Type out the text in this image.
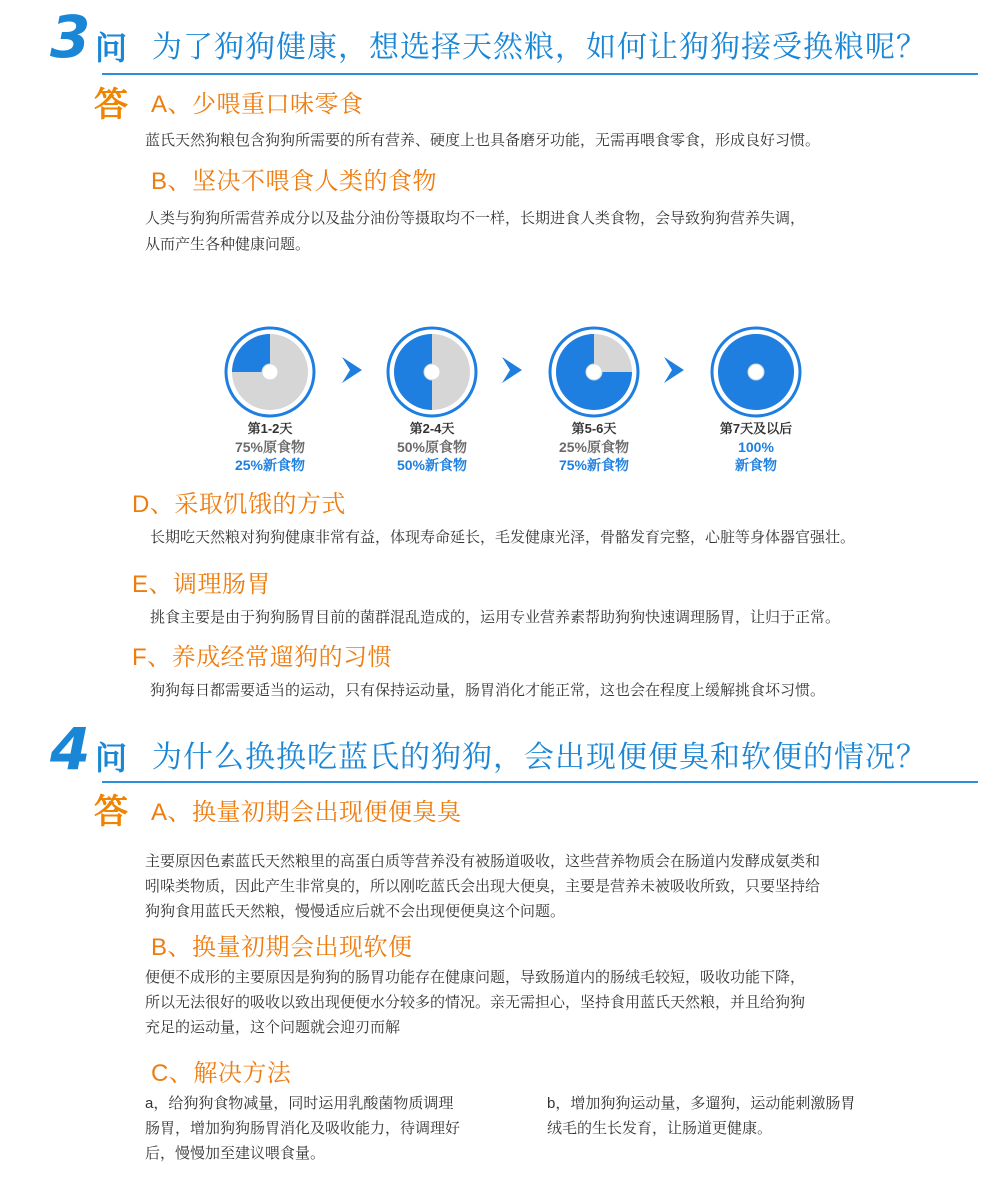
3 问 为了狗狗健康，想选择天然粮，如何让狗狗接受换粮呢？
答 A、少喂重口味零食
蓝氏天然狗粮包含狗狗所需要的所有营养、硬度上也具备磨牙功能，无需再喂食零食，形成良好习惯。
B、坚决不喂食人类的食物
人类与狗狗所需营养成分以及盐分油份等摄取均不一样，长期进食人类食物，会导致狗狗营养失调，
从而产生各种健康问题。
第1-2天
75%原食物
25%新食物
第2-4天
50%原食物
50%新食物
第5-6天
25%原食物
75%新食物
第7天及以后
100%
新食物
D、采取饥饿的方式
长期吃天然粮对狗狗健康非常有益，体现寿命延长，毛发健康光泽，骨骼发育完整，心脏等身体器官强壮。
E、调理肠胃
挑食主要是由于狗狗肠胃目前的菌群混乱造成的，运用专业营养素帮助狗狗快速调理肠胃，让归于正常。
F、养成经常遛狗的习惯
狗狗每日都需要适当的运动，只有保持运动量，肠胃消化才能正常，这也会在程度上缓解挑食坏习惯。
4 问 为什么换换吃蓝氏的狗狗，会出现便便臭和软便的情况？
答 A、换量初期会出现便便臭臭
主要原因色素蓝氏天然粮里的高蛋白质等营养没有被肠道吸收，这些营养物质会在肠道内发酵成氨类和
吲哚类物质，因此产生非常臭的，所以刚吃蓝氏会出现大便臭，主要是营养未被吸收所致，只要坚持给
狗狗食用蓝氏天然粮，慢慢适应后就不会出现便便臭这个问题。
B、换量初期会出现软便
便便不成形的主要原因是狗狗的肠胃功能存在健康问题，导致肠道内的肠绒毛较短，吸收功能下降，
所以无法很好的吸收以致出现便便水分较多的情况。亲无需担心，坚持食用蓝氏天然粮，并且给狗狗
充足的运动量，这个问题就会迎刃而解
C、解决方法
a，给狗狗食物减量，同时运用乳酸菌物质调理
肠胃，增加狗狗肠胃消化及吸收能力，待调理好
后，慢慢加至建议喂食量。
b，增加狗狗运动量，多遛狗，运动能刺激肠胃
绒毛的生长发育，让肠道更健康。
